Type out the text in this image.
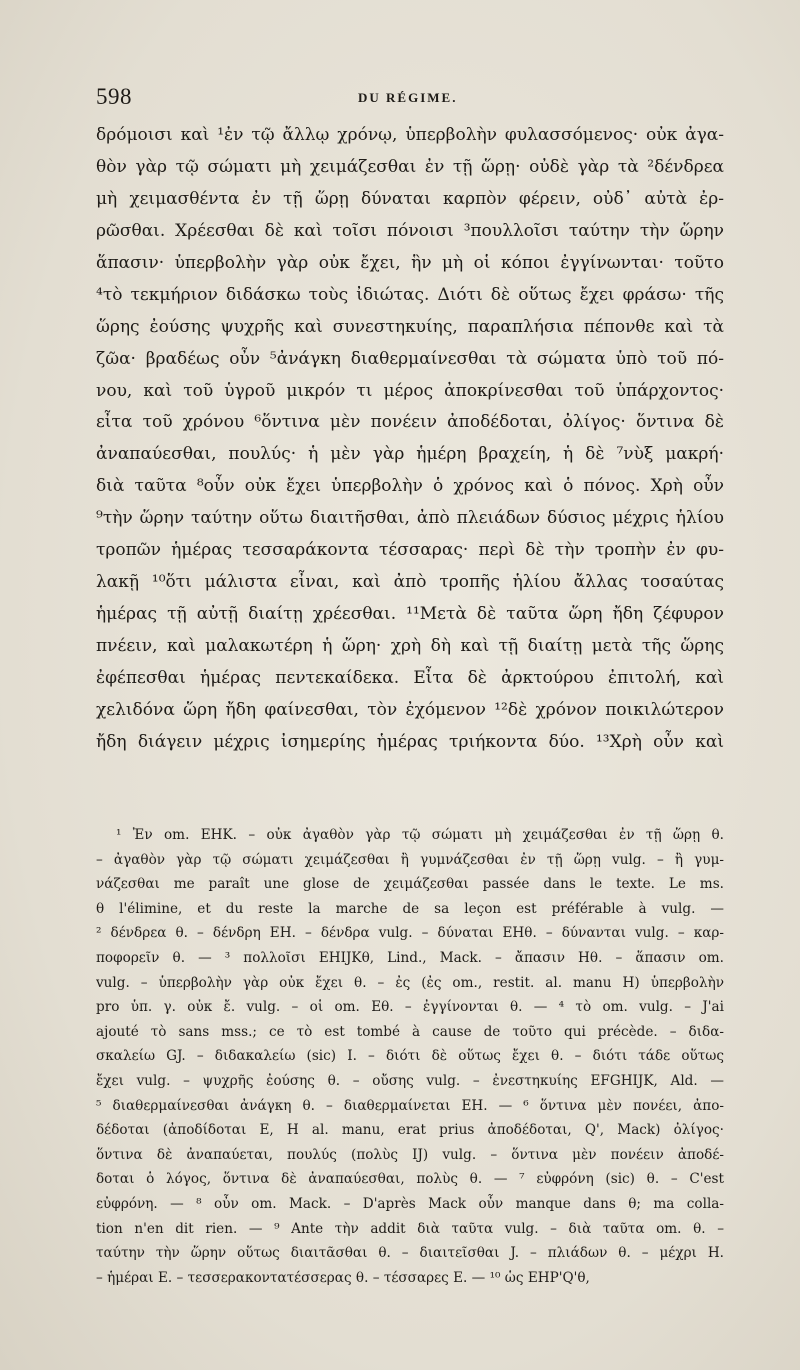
598	DU RÉGIME.
δρόμοισι καὶ ¹ἐν τῷ ἄλλῳ χρόνῳ, ὑπερβολὴν φυλασσόμενος· οὐκ ἀγα-
θὸν γὰρ τῷ σώματι μὴ χειμάζεσθαι ἐν τῇ ὥρῃ· οὐδὲ γὰρ τὰ ²δένδρεα
μὴ χειμασθέντα ἐν τῇ ὥρῃ δύναται καρπὸν φέρειν, οὐδ᾽ αὐτὰ ἐρ-
ρῶσθαι. Χρέεσθαι δὲ καὶ τοῖσι πόνοισι ³πουλλοῖσι ταύτην τὴν ὥρην
ἅπασιν· ὑπερβολὴν γὰρ οὐκ ἔχει, ἣν μὴ οἱ κόποι ἐγγίνωνται· τοῦτο
⁴τὸ τεκμήριον διδάσκω τοὺς ἰδιώτας. Διότι δὲ οὕτως ἔχει φράσω· τῆς
ὥρης ἐούσης ψυχρῆς καὶ συνεστηκυίης, παραπλήσια πέπονθε καὶ τὰ
ζῶα· βραδέως οὖν ⁵ἀνάγκη διαθερμαίνεσθαι τὰ σώματα ὑπὸ τοῦ πό-
νου, καὶ τοῦ ὑγροῦ μικρόν τι μέρος ἀποκρίνεσθαι τοῦ ὑπάρχοντος·
εἶτα τοῦ χρόνου ⁶ὅντινα μὲν πονέειν ἀποδέδοται, ὀλίγος· ὅντινα δὲ
ἀναπαύεσθαι, πουλύς· ἡ μὲν γὰρ ἡμέρη βραχείη, ἡ δὲ ⁷νὺξ μακρή·
διὰ ταῦτα ⁸οὖν οὐκ ἔχει ὑπερβολὴν ὁ χρόνος καὶ ὁ πόνος. Χρὴ οὖν
⁹τὴν ὥρην ταύτην οὕτω διαιτῆσθαι, ἀπὸ πλειάδων δύσιος μέχρις ἡλίου
τροπῶν ἡμέρας τεσσαράκοντα τέσσαρας· περὶ δὲ τὴν τροπὴν ἐν φυ-
λακῇ ¹⁰ὅτι μάλιστα εἶναι, καὶ ἀπὸ τροπῆς ἡλίου ἄλλας τοσαύτας
ἡμέρας τῇ αὐτῇ διαίτῃ χρέεσθαι. ¹¹Μετὰ δὲ ταῦτα ὥρη ἤδη ζέφυρον
πνέειν, καὶ μαλακωτέρη ἡ ὥρη· χρὴ δὴ καὶ τῇ διαίτῃ μετὰ τῆς ὥρης
ἐφέπεσθαι ἡμέρας πεντεκαίδεκα. Εἶτα δὲ ἀρκτούρου ἐπιτολή, καὶ
χελιδόνα ὥρη ἤδη φαίνεσθαι, τὸν ἐχόμενον ¹²δὲ χρόνον ποικιλώτερον
ἤδη διάγειν μέχρις ἰσημερίης ἡμέρας τριήκοντα δύο. ¹³Χρὴ οὖν καὶ
¹ Ἐν om. EHK. – οὐκ ἀγαθὸν γὰρ τῷ σώματι μὴ χειμάζεσθαι ἐν τῇ ὥρῃ θ.
– ἀγαθὸν γὰρ τῷ σώματι χειμάζεσθαι ἢ γυμνάζεσθαι ἐν τῇ ὥρῃ vulg. – ἢ γυμ-
νάζεσθαι me paraît une glose de χειμάζεσθαι passée dans le texte. Le ms.
θ l'élimine, et du reste la marche de sa leçon est préférable à vulg. —
² δένδρεα θ. – δένδρη EH. – δένδρα vulg. – δύναται EHθ. – δύνανται vulg. – καρ-
ποφορεῖν θ. — ³ πολλοῖσι EHIJKθ, Lind., Mack. – ἄπασιν Hθ. – ἅπασιν om.
vulg. – ὑπερβολὴν γὰρ οὐκ ἔχει θ. – ἐς (ἐς om., restit. al. manu H) ὑπερβολὴν
pro ὑπ. γ. οὐκ ἔ. vulg. – οἱ om. Eθ. – ἐγγίνονται θ. — ⁴ τὸ om. vulg. – J'ai
ajouté τὸ sans mss.; ce τὸ est tombé à cause de τοῦτο qui précède. – διδα-
σκαλείω GJ. – διδακαλείω (sic) I. – διότι δὲ οὕτως ἔχει θ. – διότι τάδε οὕτως
ἔχει vulg. – ψυχρῆς ἐούσης θ. – οὔσης vulg. – ἐνεστηκυίης EFGHIJK, Ald. —
⁵ διαθερμαίνεσθαι ἀνάγκη θ. – διαθερμαίνεται EH. — ⁶ ὅντινα μὲν πονέει, ἀπο-
δέδοται (ἀποδίδοται E, H al. manu, erat prius ἀποδέδοται, Q', Mack) ὀλίγος·
ὅντινα δὲ ἀναπαύεται, πουλύς (πολὺς IJ) vulg. – ὅντινα μὲν πονέειν ἀποδέ-
δοται ὁ λόγος, ὅντινα δὲ ἀναπαύεσθαι, πολὺς θ. — ⁷ εὐφρόνη (sic) θ. – C'est
εὐφρόνη. — ⁸ οὖν om. Mack. – D'après Mack οὖν manque dans θ; ma colla-
tion n'en dit rien. — ⁹ Ante τὴν addit διὰ ταῦτα vulg. – διὰ ταῦτα om. θ. –
ταύτην τὴν ὥρην οὕτως διαιτᾶσθαι θ. – διαιτεῖσθαι J. – πλιάδων θ. – μέχρι H.
– ἡμέραι E. – τεσσερακοντατέσσερας θ. – τέσσαρες E. — ¹⁰ ὡς EHP'Q'θ,
